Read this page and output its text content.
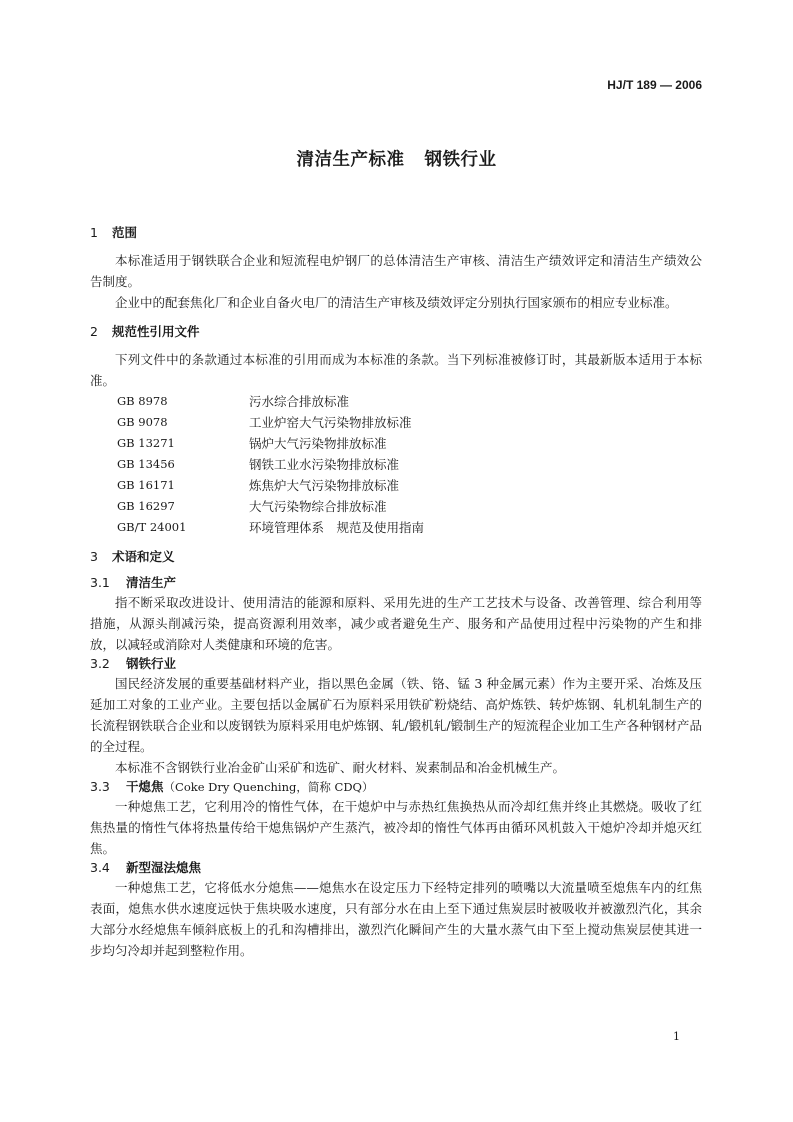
HJ/T 189 — 2006
清洁生产标准 钢铁行业
1 范围

本标准适用于钢铁联合企业和短流程电炉钢厂的总体清洁生产审核、清洁生产绩效评定和清洁生产绩效公告制度。

企业中的配套焦化厂和企业自备火电厂的清洁生产审核及绩效评定分别执行国家颁布的相应专业标准。

2 规范性引用文件

下列文件中的条款通过本标准的引用而成为本标准的条款。当下列标准被修订时，其最新版本适用于本标准。

GB 8978	污水综合排放标准
GB 9078	工业炉窑大气污染物排放标准
GB 13271	锅炉大气污染物排放标准
GB 13456	钢铁工业水污染物排放标准
GB 16171	炼焦炉大气污染物排放标准
GB 16297	大气污染物综合排放标准
GB/T 24001	环境管理体系　规范及使用指南
3 术语和定义
3.1 清洁生产

指不断采取改进设计、使用清洁的能源和原料、采用先进的生产工艺技术与设备、改善管理、综合利用等措施，从源头削减污染，提高资源利用效率，减少或者避免生产、服务和产品使用过程中污染物的产生和排放，以减轻或消除对人类健康和环境的危害。

3.2 钢铁行业

国民经济发展的重要基础材料产业，指以黑色金属（铁、铬、锰 3 种金属元素）作为主要开采、冶炼及压延加工对象的工业产业。主要包括以金属矿石为原料采用铁矿粉烧结、高炉炼铁、转炉炼钢、轧机轧制生产的长流程钢铁联合企业和以废钢铁为原料采用电炉炼钢、轧/锻机轧/锻制生产的短流程企业加工生产各种钢材产品的全过程。

本标准不含钢铁行业冶金矿山采矿和选矿、耐火材料、炭素制品和冶金机械生产。

3.3 干熄焦（Coke Dry Quenching，简称 CDQ）

一种熄焦工艺，它利用冷的惰性气体，在干熄炉中与赤热红焦换热从而冷却红焦并终止其燃烧。吸收了红焦热量的惰性气体将热量传给干熄焦锅炉产生蒸汽，被冷却的惰性气体再由循环风机鼓入干熄炉冷却并熄灭红焦。

3.4 新型湿法熄焦

一种熄焦工艺，它将低水分熄焦——熄焦水在设定压力下经特定排列的喷嘴以大流量喷至熄焦车内的红焦表面，熄焦水供水速度远快于焦块吸水速度，只有部分水在由上至下通过焦炭层时被吸收并被激烈汽化，其余大部分水经熄焦车倾斜底板上的孔和沟槽排出，激烈汽化瞬间产生的大量水蒸气由下至上搅动焦炭层使其进一步均匀冷却并起到整粒作用。

1
